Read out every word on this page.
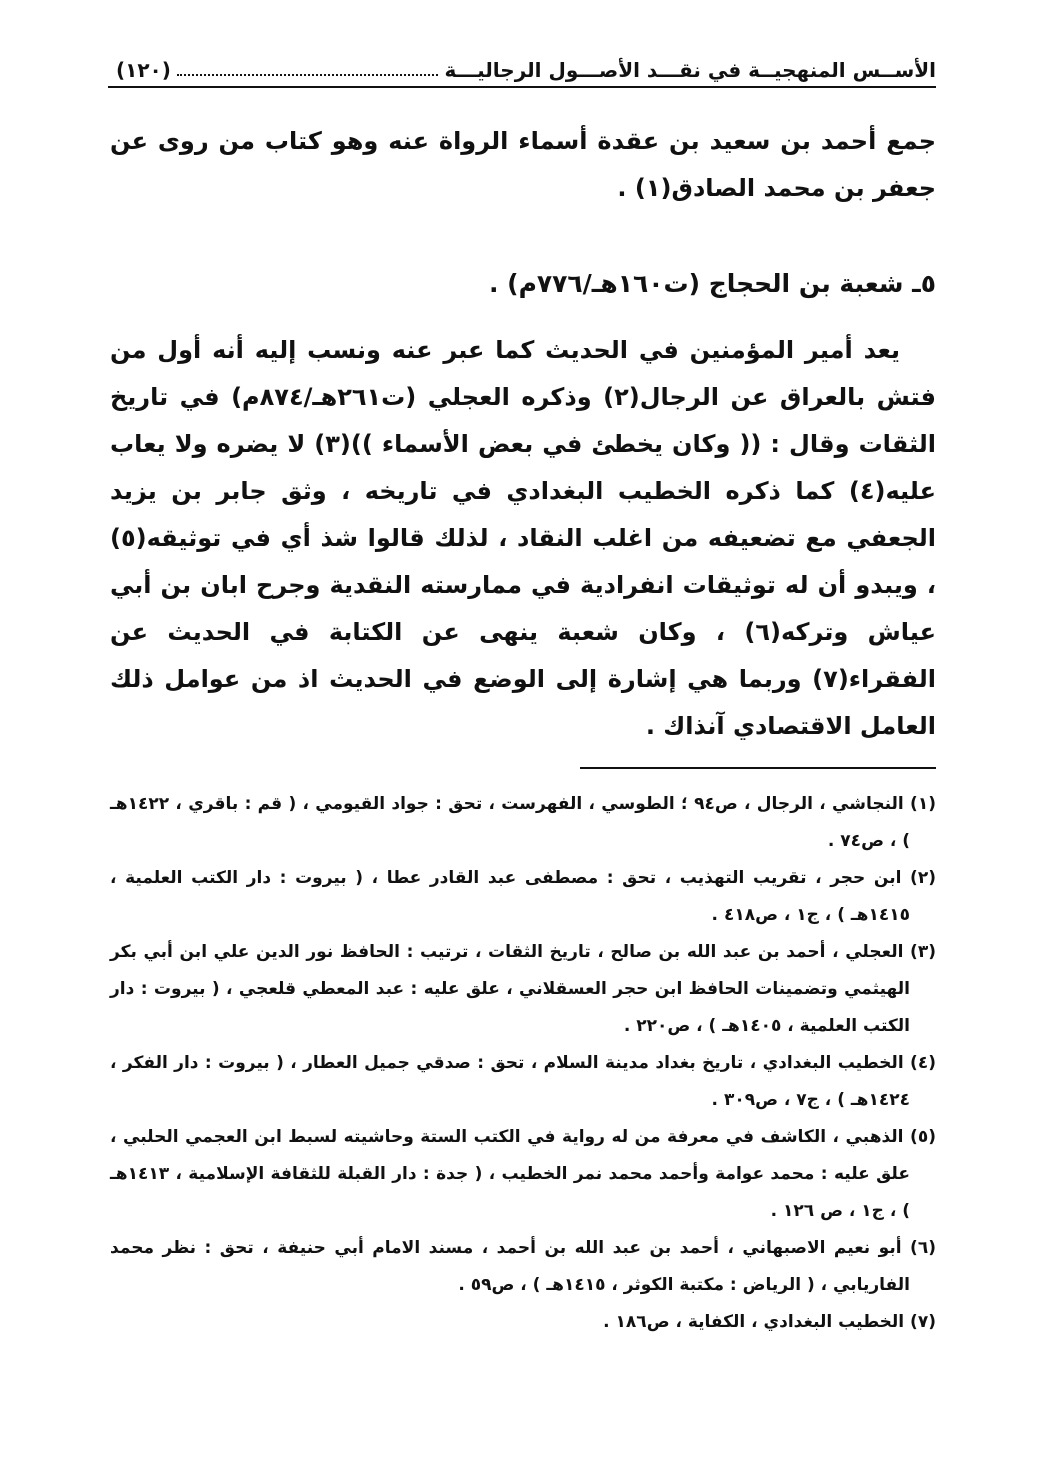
الأســس المنهجيــة في نقـــد الأصـــول الرجاليـــة
(١٢٠)
جمع أحمد بن سعيد بن عقدة أسماء الرواة عنه وهو كتاب من روى عن جعفر بن محمد الصادق(١) .
٥ـ شعبة بن الحجاج (ت١٦٠هـ/٧٧٦م) .
يعد أمير المؤمنين في الحديث كما عبر عنه ونسب إليه أنه أول من فتش بالعراق عن الرجال(٢) وذكره العجلي (ت٢٦١هـ/٨٧٤م) في تاريخ الثقات وقال : (( وكان يخطئ في بعض الأسماء ))(٣) لا يضره ولا يعاب عليه(٤) كما ذكره الخطيب البغدادي في تاريخه ، وثق جابر بن يزيد الجعفي مع تضعيفه من اغلب النقاد ، لذلك قالوا شذ أي في توثيقه(٥) ، ويبدو أن له توثيقات انفرادية في ممارسته النقدية وجرح ابان بن أبي عياش وتركه(٦) ، وكان شعبة ينهى عن الكتابة في الحديث عن الفقراء(٧) وربما هي إشارة إلى الوضع في الحديث اذ من عوامل ذلك العامل الاقتصادي آنذاك .
(١) النجاشي ، الرجال ، ص٩٤ ؛ الطوسي ، الفهرست ، تحق : جواد القيومي ، ( قم : باقري ، ١٤٢٢هـ ) ، ص٧٤ .
(٢) ابن حجر ، تقريب التهذيب ، تحق : مصطفى عبد القادر عطا ، ( بيروت : دار الكتب العلمية ، ١٤١٥هـ ) ، ج١ ، ص٤١٨ .
(٣) العجلي ، أحمد بن عبد الله بن صالح ، تاريخ الثقات ، ترتيب : الحافظ نور الدين علي ابن أبي بكر الهيثمي وتضمينات الحافظ ابن حجر العسقلاني ، علق عليه : عبد المعطي قلعجي ، ( بيروت : دار الكتب العلمية ، ١٤٠٥هـ ) ، ص٢٢٠ .
(٤) الخطيب البغدادي ، تاريخ بغداد مدينة السلام ، تحق : صدقي جميل العطار ، ( بيروت : دار الفكر ، ١٤٢٤هـ ) ، ج٧ ، ص٣٠٩ .
(٥) الذهبي ، الكاشف في معرفة من له رواية في الكتب الستة وحاشيته لسبط ابن العجمي الحلبي ، علق عليه : محمد عوامة وأحمد محمد نمر الخطيب ، ( جدة : دار القبلة للثقافة الإسلامية ، ١٤١٣هـ ) ، ج١ ، ص ١٢٦ .
(٦) أبو نعيم الاصبهاني ، أحمد بن عبد الله بن أحمد ، مسند الامام أبي حنيفة ، تحق : نظر محمد الفاريابي ، ( الرياض : مكتبة الكوثر ، ١٤١٥هـ ) ، ص٥٩ .
(٧) الخطيب البغدادي ، الكفاية ، ص١٨٦ .
